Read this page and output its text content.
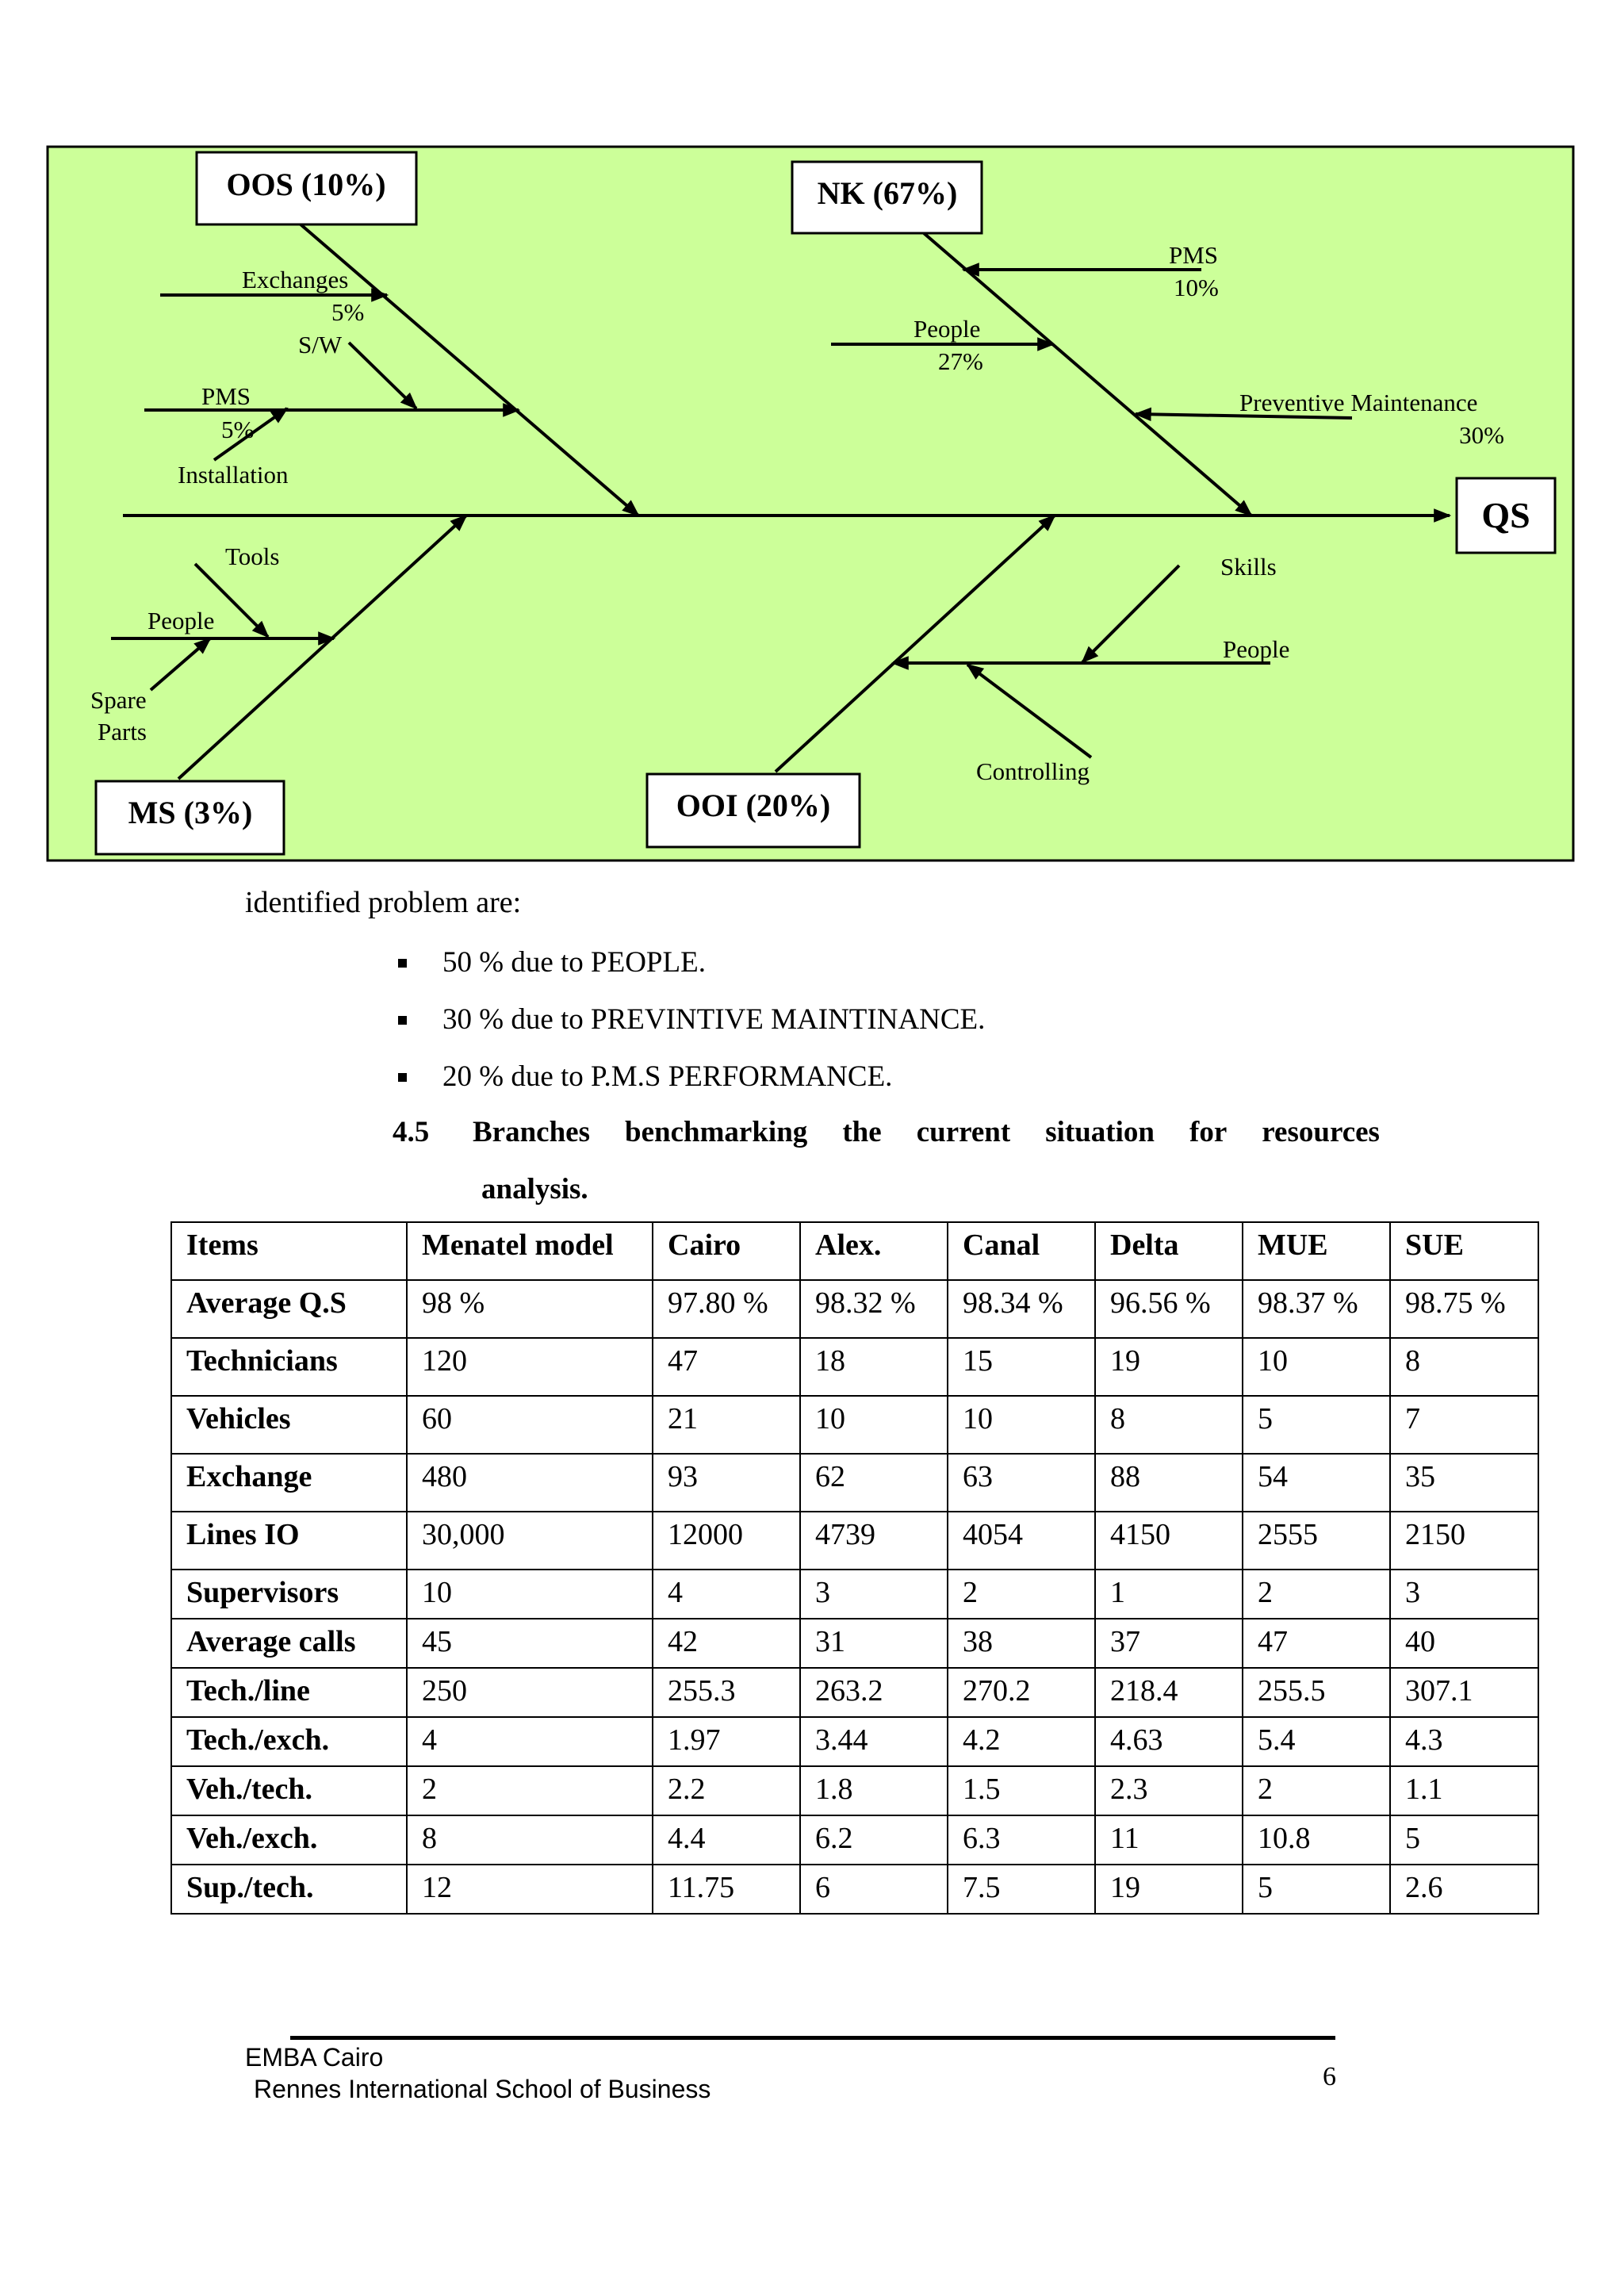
OOS (10%)	NK (67%)
MS (3%)	OOI (20%)
QS
Exchanges
5%
S/W
PMS
5%
Installation
PMS
10%
People
27%
Preventive Maintenance
30%
Tools
People
Spare
Parts
Skills
People
Controlling

identified problem are:

50 % due to PEOPLE.
30 % due to PREVINTIVE MAINTINANCE.
20 % due to P.M.S PERFORMANCE.
4.5 Branches benchmarking the current situation for resources
analysis.
Items	Menatel model	Cairo	Alex.	Canal	Delta	MUE	SUE
Average Q.S	98 %	97.80 %	98.32 %	98.34 %	96.56 %	98.37 %	98.75 %
Technicians	120	47	18	15	19	10	8
Vehicles	60	21	10	10	8	5	7
Exchange	480	93	62	63	88	54	35
Lines IO	30,000	12000	4739	4054	4150	2555	2150
Supervisors	10	4	3	2	1	2	3
Average calls	45	42	31	38	37	47	40
Tech./line	250	255.3	263.2	270.2	218.4	255.5	307.1
Tech./exch.	4	1.97	3.44	4.2	4.63	5.4	4.3
Veh./tech.	2	2.2	1.8	1.5	2.3	2	1.1
Veh./exch.	8	4.4	6.2	6.3	11	10.8	5
Sup./tech.	12	11.75	6	7.5	19	5	2.6
EMBA Cairo
Rennes International School of Business	6
